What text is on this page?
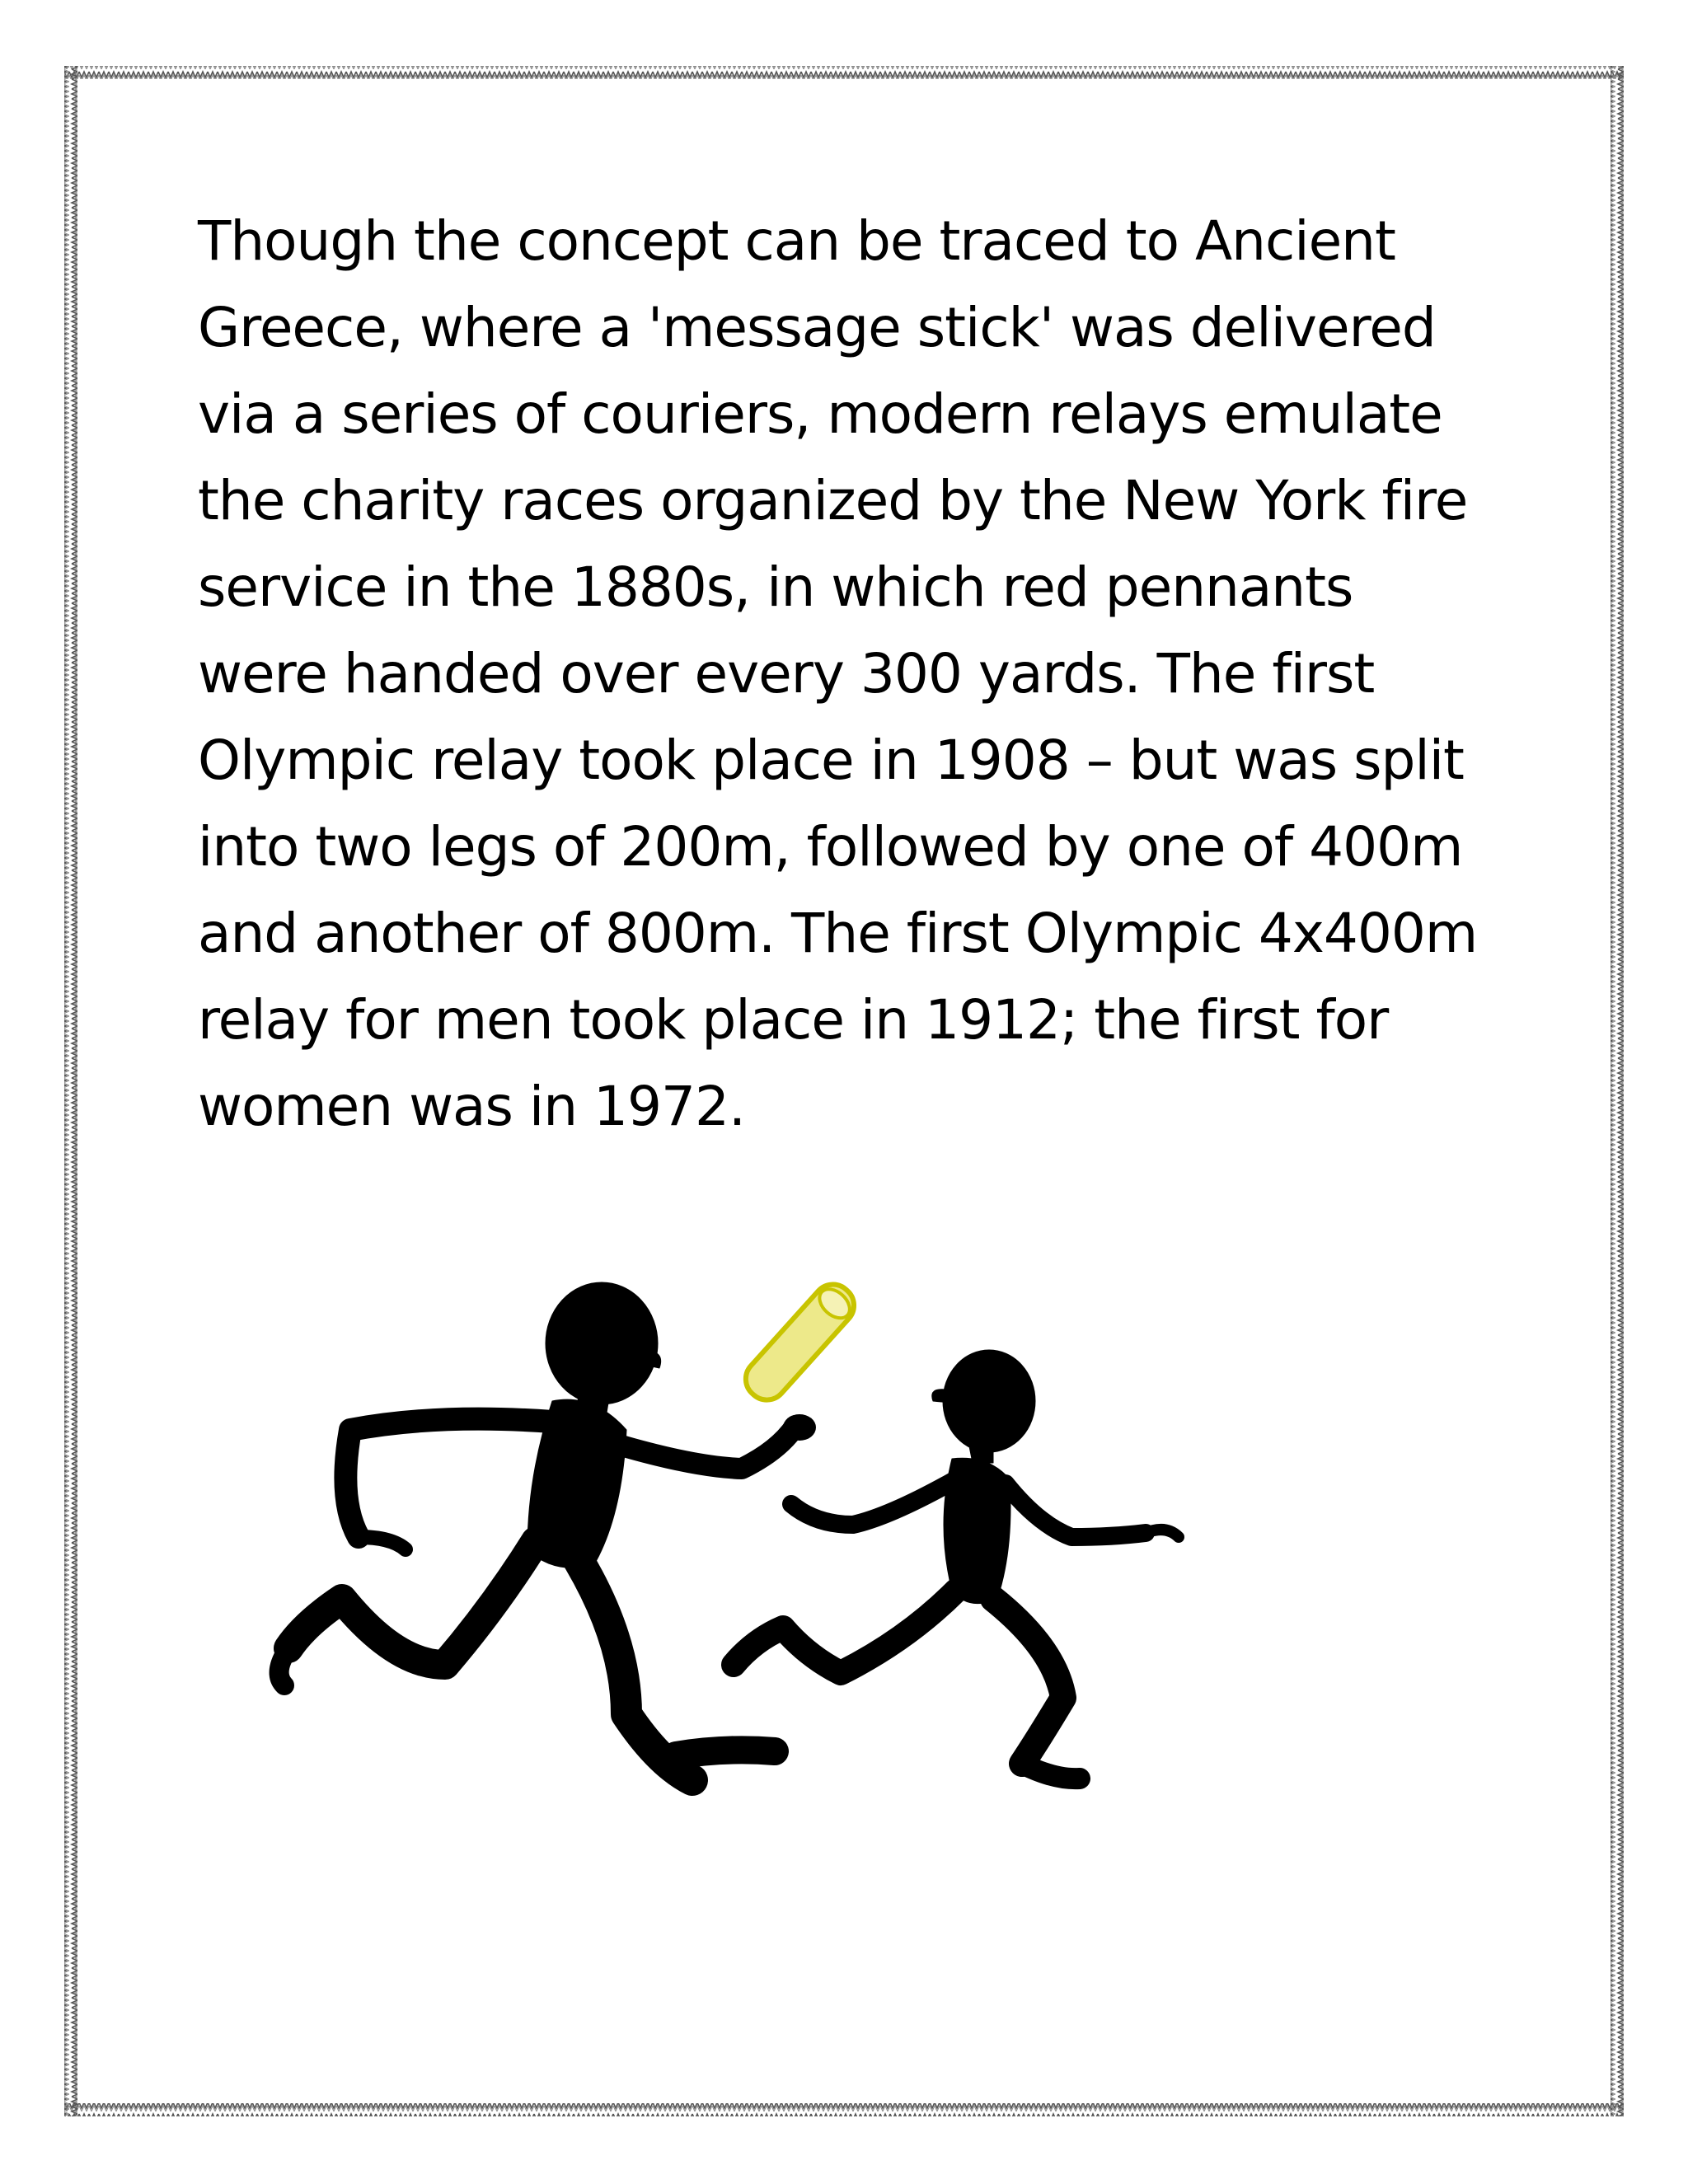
Though the concept can be traced to Ancient
Greece, where a 'message stick' was delivered
via a series of couriers, modern relays emulate
the charity races organized by the New York fire
service in the 1880s, in which red pennants
were handed over every 300 yards. The first
Olympic relay took place in 1908 – but was split
into two legs of 200m, followed by one of 400m
and another of 800m. The first Olympic 4x400m
relay for men took place in 1912; the first for
women was in 1972.
